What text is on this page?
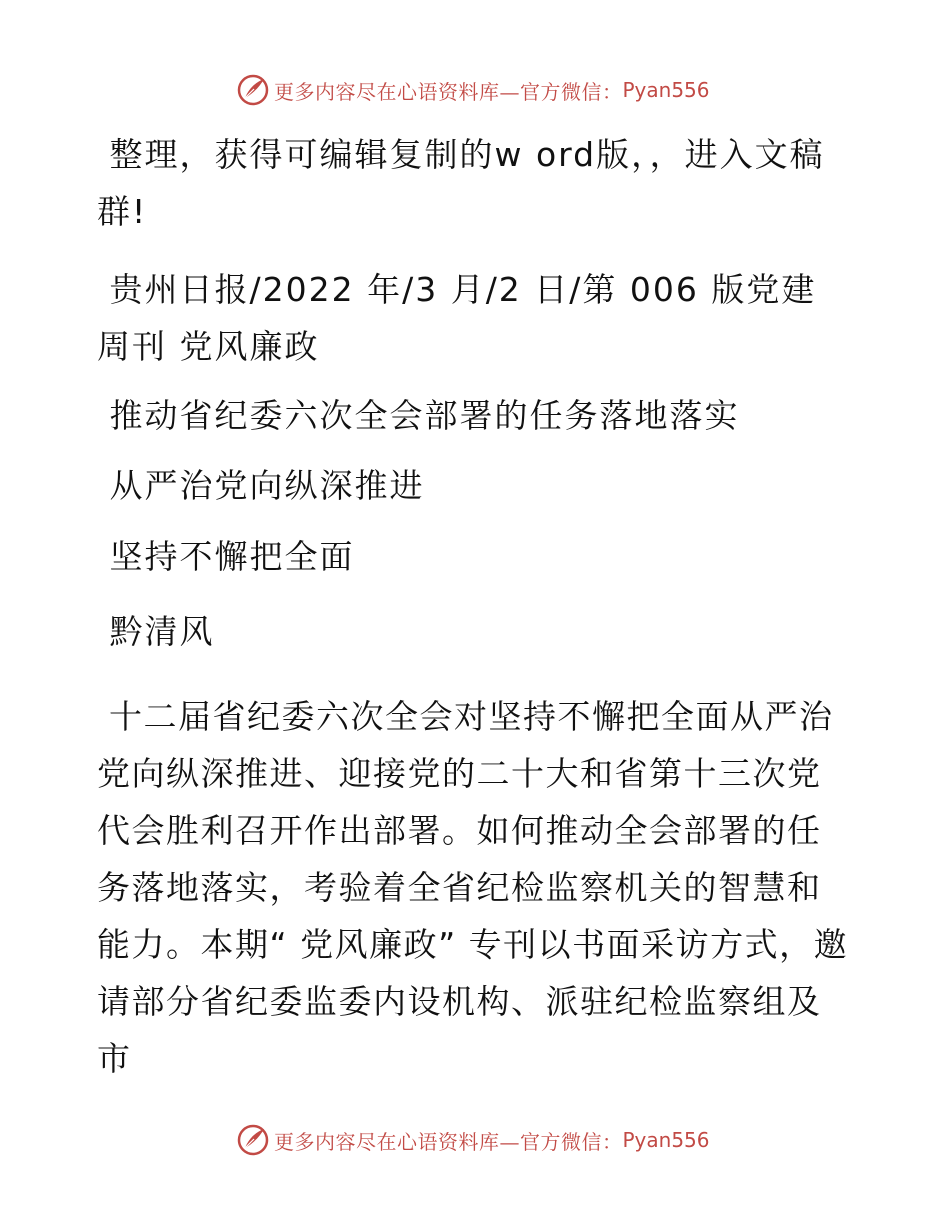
更多内容尽在心语资料库—官方微信： Pyan556

整理，获得可编辑复制的w ord版，，进入文稿群!

贵州日报/2022 年/3 月/2 日/第 006 版党建周刊 党风廉政

推动省纪委六次全会部署的任务落地落实

从严治党向纵深推进

坚持不懈把全面

黔清风

十二届省纪委六次全会对坚持不懈把全面从严治党向纵深推进、迎接党的二十大和省第十三次党代会胜利召开作出部署。如何推动全会部署的任务落地落实，考验着全省纪检监察机关的智慧和能力。本期“ 党风廉政” 专刊以书面采访方式，邀请部分省纪委监委内设机构、派驻纪检监察组及市

更多内容尽在心语资料库—官方微信： Pyan556
